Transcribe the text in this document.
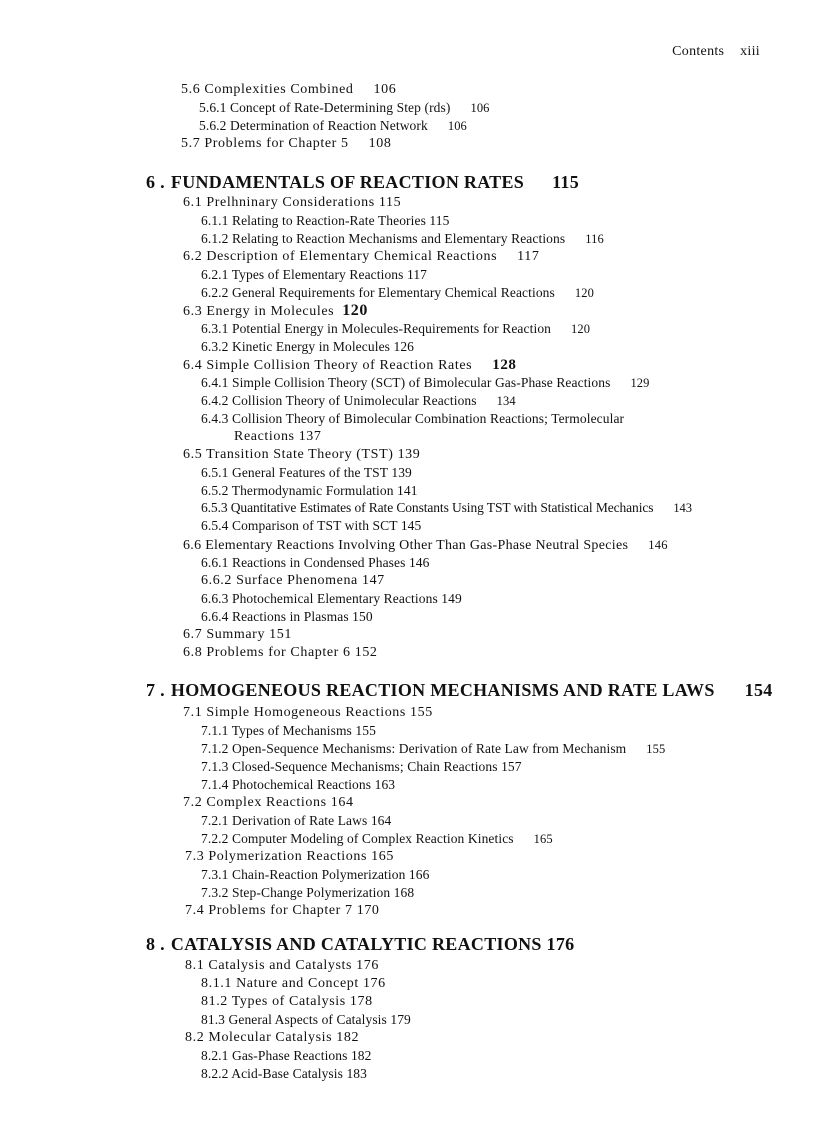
Contents xiii
5.6 Complexities Combined 106
5.6.1 Concept of Rate-Determining Step (rds) 106
5.6.2 Determination of Reaction Network 106
5.7 Problems for Chapter 5 108
6 . FUNDAMENTALS OF REACTION RATES 115
6.1 Prelhninary Considerations 115
6.1.1 Relating to Reaction-Rate Theories 115
6.1.2 Relating to Reaction Mechanisms and Elementary Reactions 116
6.2 Description of Elementary Chemical Reactions 117
6.2.1 Types of Elementary Reactions 117
6.2.2 General Requirements for Elementary Chemical Reactions 120
6.3 Energy in Molecules 120
6.3.1 Potential Energy in Molecules-Requirements for Reaction 120
6.3.2 Kinetic Energy in Molecules 126
6.4 Simple Collision Theory of Reaction Rates 128
6.4.1 Simple Collision Theory (SCT) of Bimolecular Gas-Phase Reactions 129
6.4.2 Collision Theory of Unimolecular Reactions 134
6.4.3 Collision Theory of Bimolecular Combination Reactions; Termolecular
Reactions 137
6.5 Transition State Theory (TST) 139
6.5.1 General Features of the TST 139
6.5.2 Thermodynamic Formulation 141
6.5.3 Quantitative Estimates of Rate Constants Using TST with Statistical Mechanics 143
6.5.4 Comparison of TST with SCT 145
6.6 Elementary Reactions Involving Other Than Gas-Phase Neutral Species 146
6.6.1 Reactions in Condensed Phases 146
6.6.2 Surface Phenomena 147
6.6.3 Photochemical Elementary Reactions 149
6.6.4 Reactions in Plasmas 150
6.7 Summary 151
6.8 Problems for Chapter 6 152
7 . HOMOGENEOUS REACTION MECHANISMS AND RATE LAWS 154
7.1 Simple Homogeneous Reactions 155
7.1.1 Types of Mechanisms 155
7.1.2 Open-Sequence Mechanisms: Derivation of Rate Law from Mechanism 155
7.1.3 Closed-Sequence Mechanisms; Chain Reactions 157
7.1.4 Photochemical Reactions 163
7.2 Complex Reactions 164
7.2.1 Derivation of Rate Laws 164
7.2.2 Computer Modeling of Complex Reaction Kinetics 165
7.3 Polymerization Reactions 165
7.3.1 Chain-Reaction Polymerization 166
7.3.2 Step-Change Polymerization 168
7.4 Problems for Chapter 7 170
8 . CATALYSIS AND CATALYTIC REACTIONS 176
8.1 Catalysis and Catalysts 176
8.1.1 Nature and Concept 176
81.2 Types of Catalysis 178
81.3 General Aspects of Catalysis 179
8.2 Molecular Catalysis 182
8.2.1 Gas-Phase Reactions 182
8.2.2 Acid-Base Catalysis 183
